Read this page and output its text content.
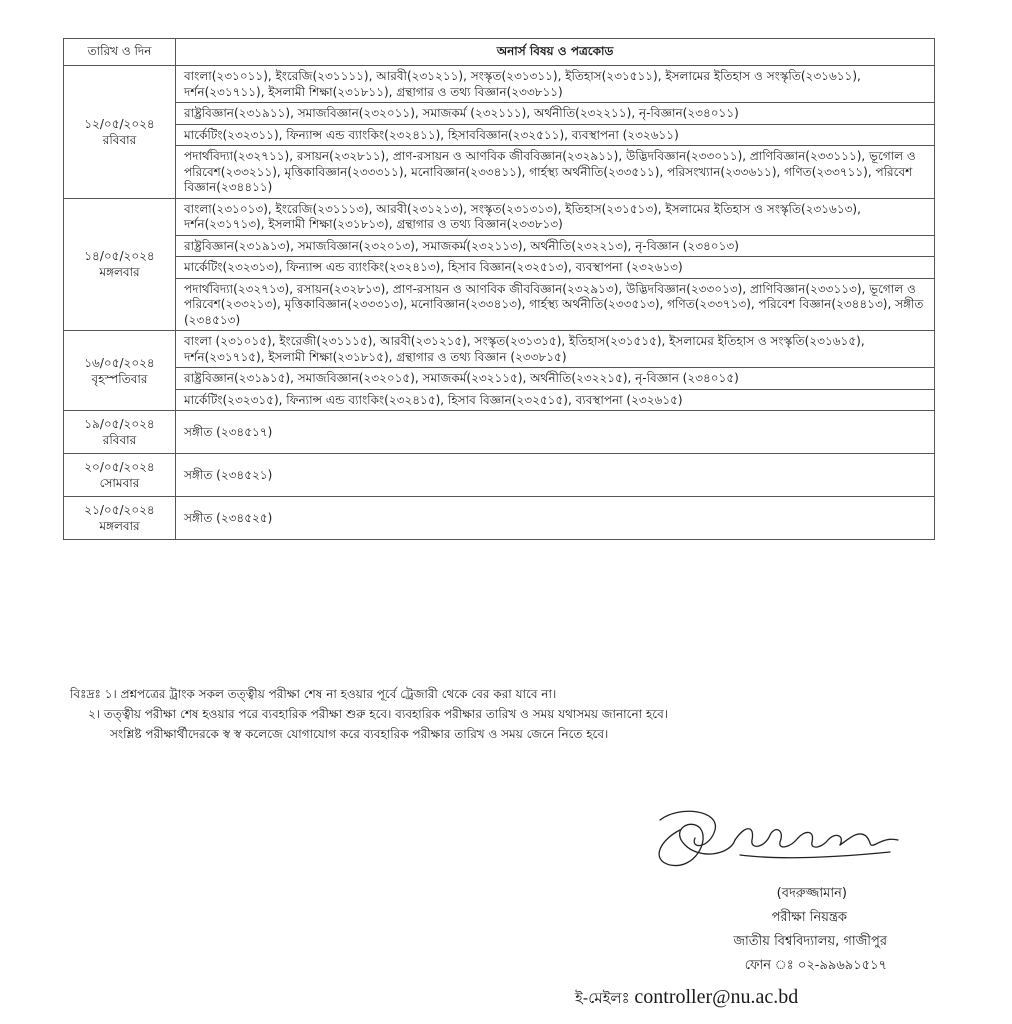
তারিখ ও দিন	অনার্স বিষয় ও পত্রকোড

১২/০৫/২০২৪
রবিবার	বাংলা(২৩১০১১), ইংরেজি(২৩১১১১), আরবী(২৩১২১১), সংস্কৃত(২৩১৩১১), ইতিহাস(২৩১৫১১), ইসলামের ইতিহাস ও সংস্কৃতি(২৩১৬১১), দর্শন(২৩১৭১১), ইসলামী শিক্ষা(২৩১৮১১), গ্রন্থাগার ও তথ্য বিজ্ঞান(২৩৩৮১১)
	রাষ্ট্রবিজ্ঞান(২৩১৯১১), সমাজবিজ্ঞান(২৩২০১১), সমাজকর্ম (২৩২১১১), অর্থনীতি(২৩২২১১), নৃ-বিজ্ঞান(২৩৪০১১)
	মার্কেটিং(২৩২৩১১), ফিন্যান্স এন্ড ব্যাংকিং(২৩২৪১১), হিসাববিজ্ঞান(২৩২৫১১), ব্যবস্থাপনা (২৩২৬১১)
	পদার্থবিদ্যা(২৩২৭১১), রসায়ন(২৩২৮১১), প্রাণ-রসায়ন ও আণবিক জীববিজ্ঞান(২৩২৯১১), উদ্ভিদবিজ্ঞান(২৩৩০১১), প্রাণিবিজ্ঞান(২৩৩১১১), ভূগোল ও পরিবেশ(২৩৩২১১), মৃত্তিকাবিজ্ঞান(২৩৩৩১১), মনোবিজ্ঞান(২৩৩৪১১), গার্হস্থ্য অর্থনীতি(২৩৩৫১১), পরিসংখ্যান(২৩৩৬১১), গণিত(২৩৩৭১১), পরিবেশ বিজ্ঞান(২৩৪৪১১)

১৪/০৫/২০২৪
মঙ্গলবার	বাংলা(২৩১০১৩), ইংরেজি(২৩১১১৩), আরবী(২৩১২১৩), সংস্কৃত(২৩১৩১৩), ইতিহাস(২৩১৫১৩), ইসলামের ইতিহাস ও সংস্কৃতি(২৩১৬১৩), দর্শন(২৩১৭১৩), ইসলামী শিক্ষা(২৩১৮১৩), গ্রন্থাগার ও তথ্য বিজ্ঞান(২৩৩৮১৩)
	রাষ্ট্রবিজ্ঞান(২৩১৯১৩), সমাজবিজ্ঞান(২৩২০১৩), সমাজকর্ম(২৩২১১৩), অর্থনীতি(২৩২২১৩), নৃ-বিজ্ঞান (২৩৪০১৩)
	মার্কেটিং(২৩২৩১৩), ফিন্যান্স এন্ড ব্যাংকিং(২৩২৪১৩), হিসাব বিজ্ঞান(২৩২৫১৩), ব্যবস্থাপনা (২৩২৬১৩)
	পদার্থবিদ্যা(২৩২৭১৩), রসায়ন(২৩২৮১৩), প্রাণ-রসায়ন ও আণবিক জীববিজ্ঞান(২৩২৯১৩), উদ্ভিদবিজ্ঞান(২৩৩০১৩), প্রাণিবিজ্ঞান(২৩৩১১৩), ভূগোল ও পরিবেশ(২৩৩২১৩), মৃত্তিকাবিজ্ঞান(২৩৩৩১৩), মনোবিজ্ঞান(২৩৩৪১৩), গার্হস্থ্য অর্থনীতি(২৩৩৫১৩), গণিত(২৩৩৭১৩), পরিবেশ বিজ্ঞান(২৩৪৪১৩), সঙ্গীত (২৩৪৫১৩)

১৬/০৫/২০২৪
বৃহস্পতিবার	বাংলা (২৩১০১৫), ইংরেজী(২৩১১১৫), আরবী(২৩১২১৫), সংস্কৃত(২৩১৩১৫), ইতিহাস(২৩১৫১৫), ইসলামের ইতিহাস ও সংস্কৃতি(২৩১৬১৫), দর্শন(২৩১৭১৫), ইসলামী শিক্ষা(২৩১৮১৫), গ্রন্থাগার ও তথ্য বিজ্ঞান (২৩৩৮১৫)
	রাষ্ট্রবিজ্ঞান(২৩১৯১৫), সমাজবিজ্ঞান(২৩২০১৫), সমাজকর্ম(২৩২১১৫), অর্থনীতি(২৩২২১৫), নৃ-বিজ্ঞান (২৩৪০১৫)
	মার্কেটিং(২৩২৩১৫), ফিন্যান্স এন্ড ব্যাংকিং(২৩২৪১৫), হিসাব বিজ্ঞান(২৩২৫১৫), ব্যবস্থাপনা (২৩২৬১৫)

১৯/০৫/২০২৪
রবিবার	সঙ্গীত (২৩৪৫১৭)

২০/০৫/২০২৪
সোমবার	সঙ্গীত (২৩৪৫২১)

২১/০৫/২০২৪
মঙ্গলবার	সঙ্গীত (২৩৪৫২৫)
বিঃদ্রঃ ১। প্রশ্নপত্রের ট্রাংক সকল তত্ত্বীয় পরীক্ষা শেষ না হওয়ার পূর্বে ট্রেজারী থেকে বের করা যাবে না।
২। তত্ত্বীয় পরীক্ষা শেষ হওয়ার পরে ব্যবহারিক পরীক্ষা শুরু হবে। ব্যবহারিক পরীক্ষার তারিখ ও সময় যথাসময় জানানো হবে।
সংশ্লিষ্ট পরীক্ষার্থীদেরকে স্ব স্ব কলেজে যোগাযোগ করে ব্যবহারিক পরীক্ষার তারিখ ও সময় জেনে নিতে হবে।
(বদরুজ্জামান)
পরীক্ষা নিয়ন্ত্রক
জাতীয় বিশ্ববিদ্যালয়, গাজীপুর
ফোন ঃ ০২-৯৯৬৯১৫১৭
ই-মেইলঃ controller@nu.ac.bd
